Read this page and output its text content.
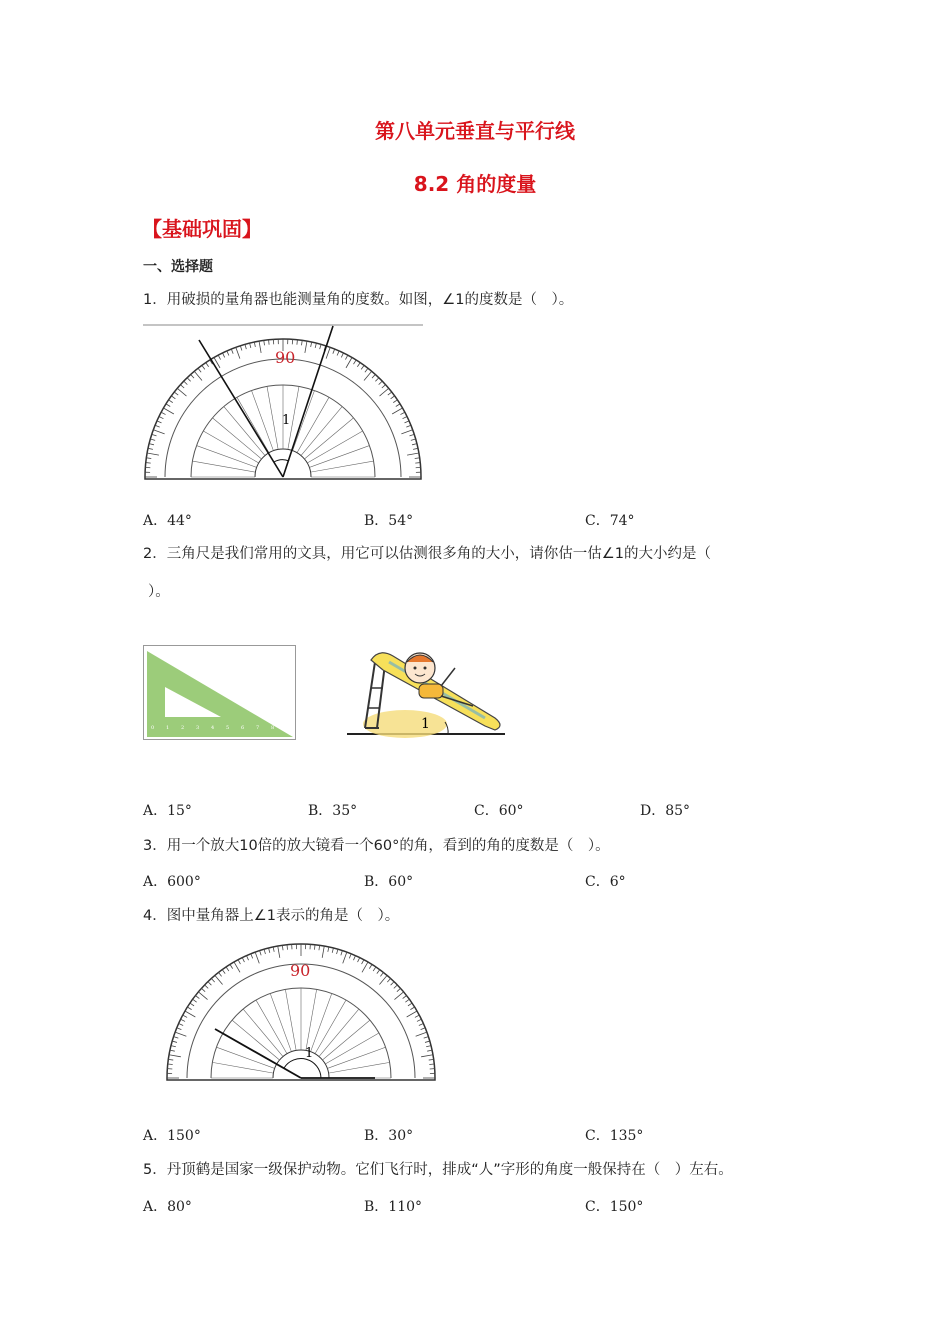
第八单元垂直与平行线
8.2 角的度量
【基础巩固】
一、选择题
1．用破损的量角器也能测量角的度数。如图，∠1的度数是（　）。
90
1
A．44°	B．54°	C．74°
2．三角尺是我们常用的文具，用它可以估测很多角的大小，请你估一估∠1的大小约是（
）。
0 1 2 3 4 5 6 7 8	1
A．15°	B．35°	C．60°	D．85°
3．用一个放大10倍的放大镜看一个60°的角，看到的角的度数是（　）。
A．600°	B．60°	C．6°
4．图中量角器上∠1表示的角是（　）。
90
1
A．150°	B．30°	C．135°
5．丹顶鹤是国家一级保护动物。它们飞行时，排成“人”字形的角度一般保持在（　）左右。
A．80°	B．110°	C．150°
